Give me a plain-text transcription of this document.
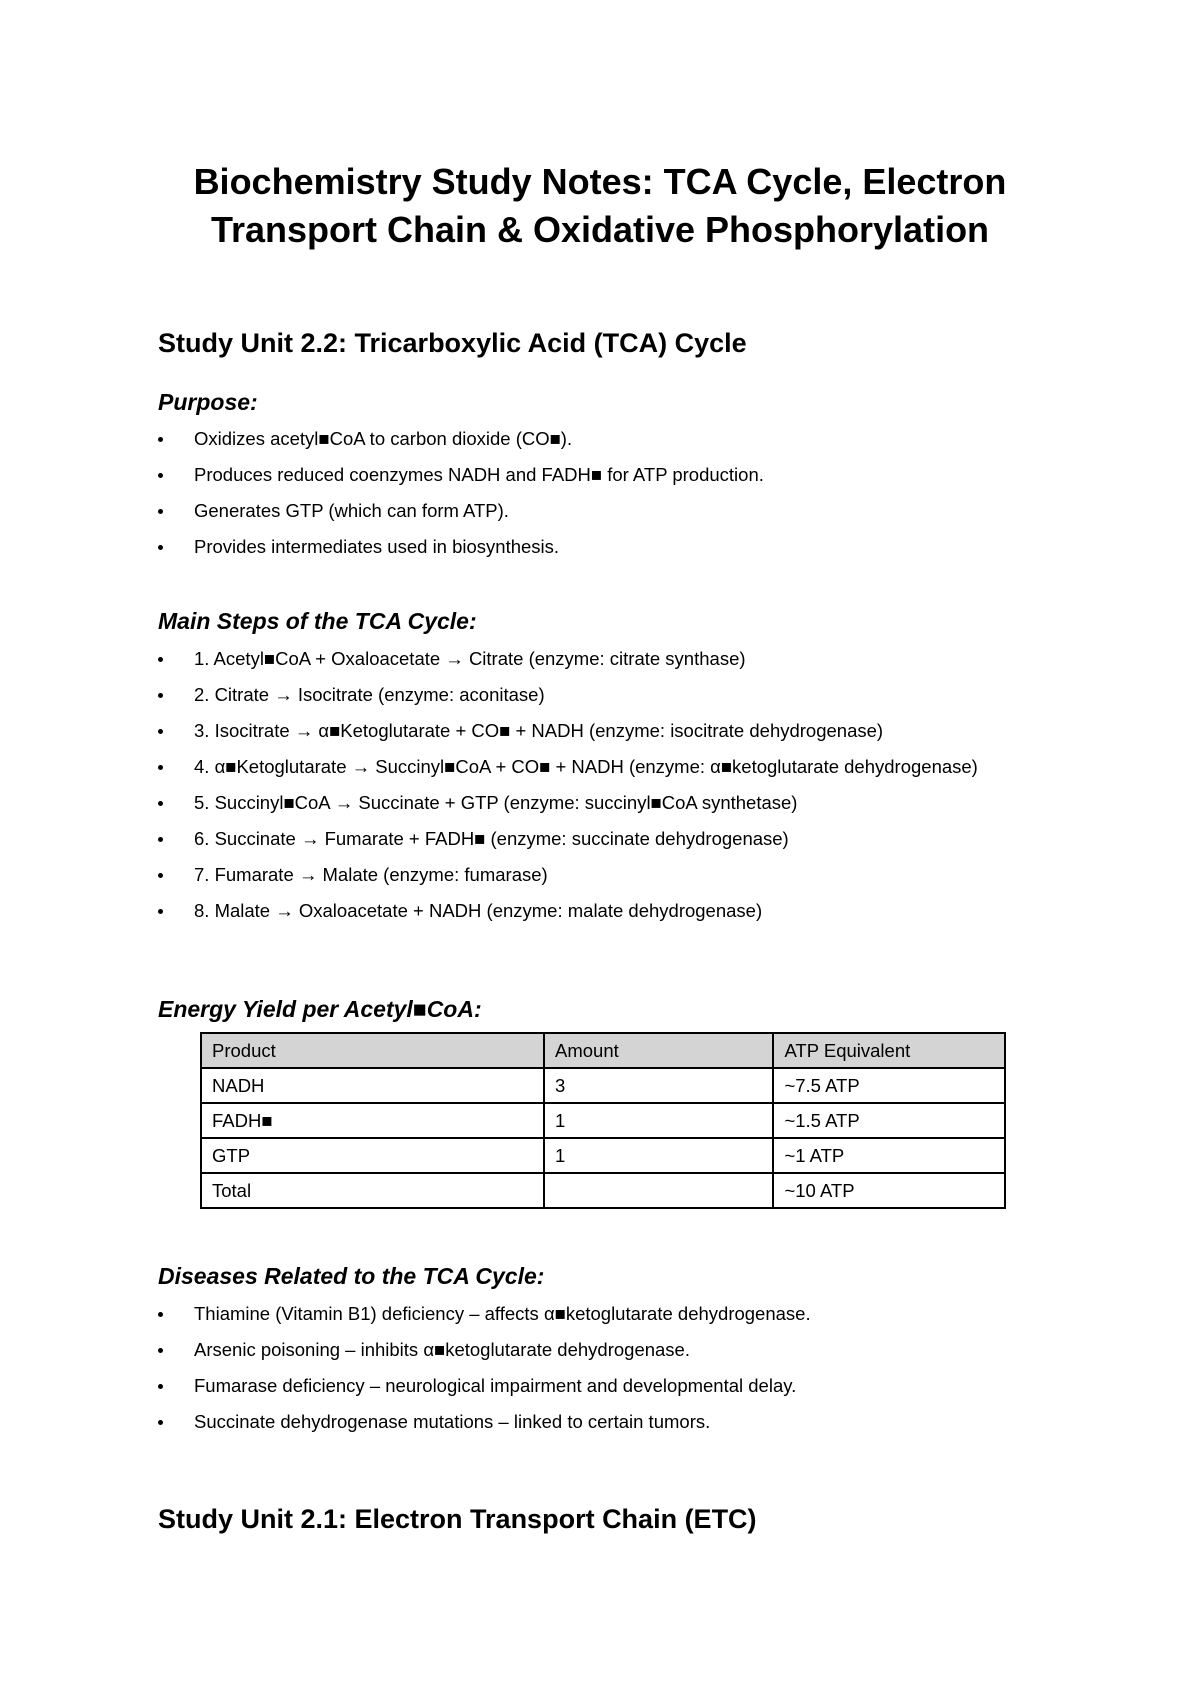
Biochemistry Study Notes: TCA Cycle, Electron Transport Chain & Oxidative Phosphorylation
Study Unit 2.2: Tricarboxylic Acid (TCA) Cycle
Purpose:
Oxidizes acetyl■CoA to carbon dioxide (CO■).
Produces reduced coenzymes NADH and FADH■ for ATP production.
Generates GTP (which can form ATP).
Provides intermediates used in biosynthesis.
Main Steps of the TCA Cycle:
1. Acetyl■CoA + Oxaloacetate → Citrate (enzyme: citrate synthase)
2. Citrate → Isocitrate (enzyme: aconitase)
3. Isocitrate → α■Ketoglutarate + CO■ + NADH (enzyme: isocitrate dehydrogenase)
4. α■Ketoglutarate → Succinyl■CoA + CO■ + NADH (enzyme: α■ketoglutarate dehydrogenase)
5. Succinyl■CoA → Succinate + GTP (enzyme: succinyl■CoA synthetase)
6. Succinate → Fumarate + FADH■ (enzyme: succinate dehydrogenase)
7. Fumarate → Malate (enzyme: fumarase)
8. Malate → Oxaloacetate + NADH (enzyme: malate dehydrogenase)
Energy Yield per Acetyl■CoA:
Product	Amount	ATP Equivalent
NADH	3	~7.5 ATP
FADH■	1	~1.5 ATP
GTP	1	~1 ATP
Total		~10 ATP
Diseases Related to the TCA Cycle:
Thiamine (Vitamin B1) deficiency – affects α■ketoglutarate dehydrogenase.
Arsenic poisoning – inhibits α■ketoglutarate dehydrogenase.
Fumarase deficiency – neurological impairment and developmental delay.
Succinate dehydrogenase mutations – linked to certain tumors.
Study Unit 2.1: Electron Transport Chain (ETC)
